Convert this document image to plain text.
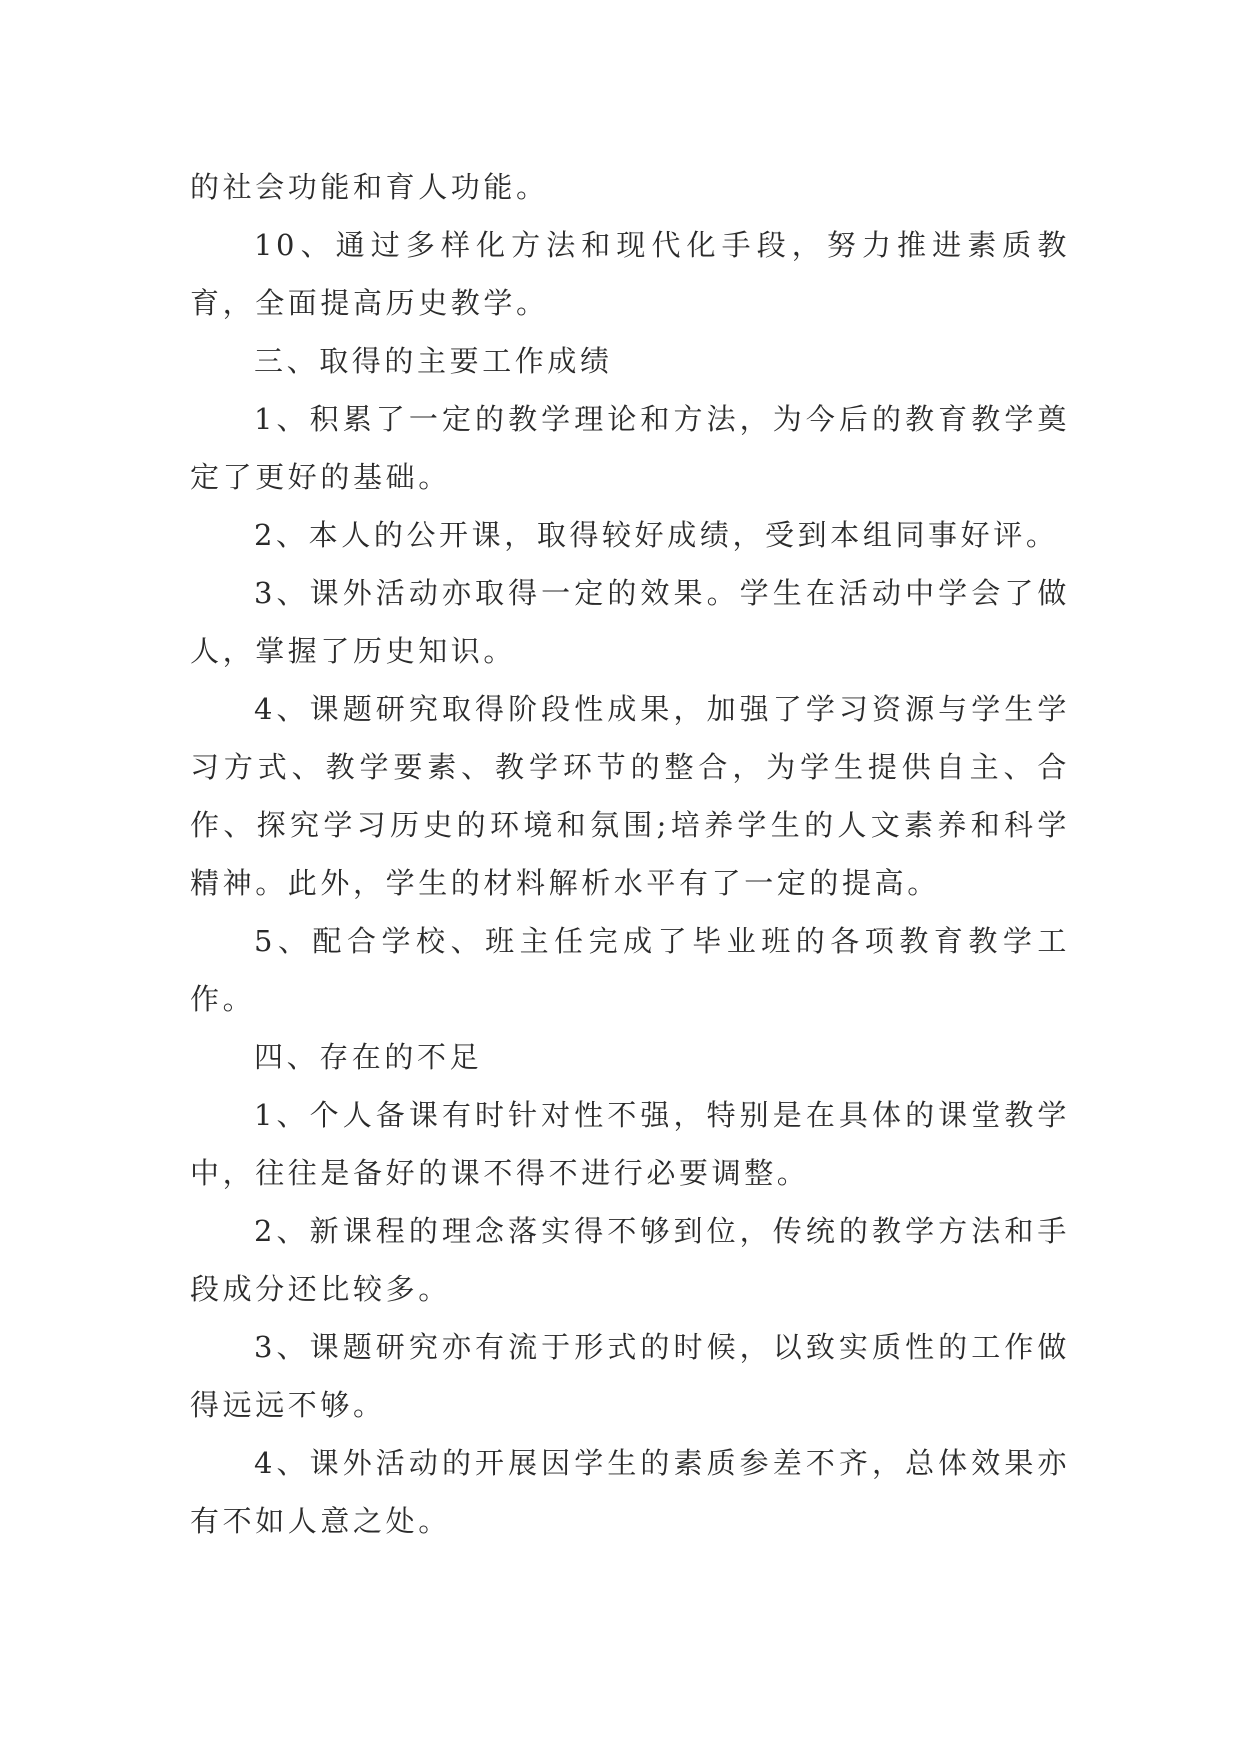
的社会功能和育人功能。

10、通过多样化方法和现代化手段，努力推进素质教育，全面提高历史教学。

三、取得的主要工作成绩

1、积累了一定的教学理论和方法，为今后的教育教学奠定了更好的基础。

2、本人的公开课，取得较好成绩，受到本组同事好评。

3、课外活动亦取得一定的效果。学生在活动中学会了做人，掌握了历史知识。

4、课题研究取得阶段性成果，加强了学习资源与学生学习方式、教学要素、教学环节的整合，为学生提供自主、合作、探究学习历史的环境和氛围;培养学生的人文素养和科学精神。此外，学生的材料解析水平有了一定的提高。

5、配合学校、班主任完成了毕业班的各项教育教学工作。

四、存在的不足

1、个人备课有时针对性不强，特别是在具体的课堂教学中，往往是备好的课不得不进行必要调整。

2、新课程的理念落实得不够到位，传统的教学方法和手段成分还比较多。

3、课题研究亦有流于形式的时候，以致实质性的工作做得远远不够。

4、课外活动的开展因学生的素质参差不齐，总体效果亦有不如人意之处。
